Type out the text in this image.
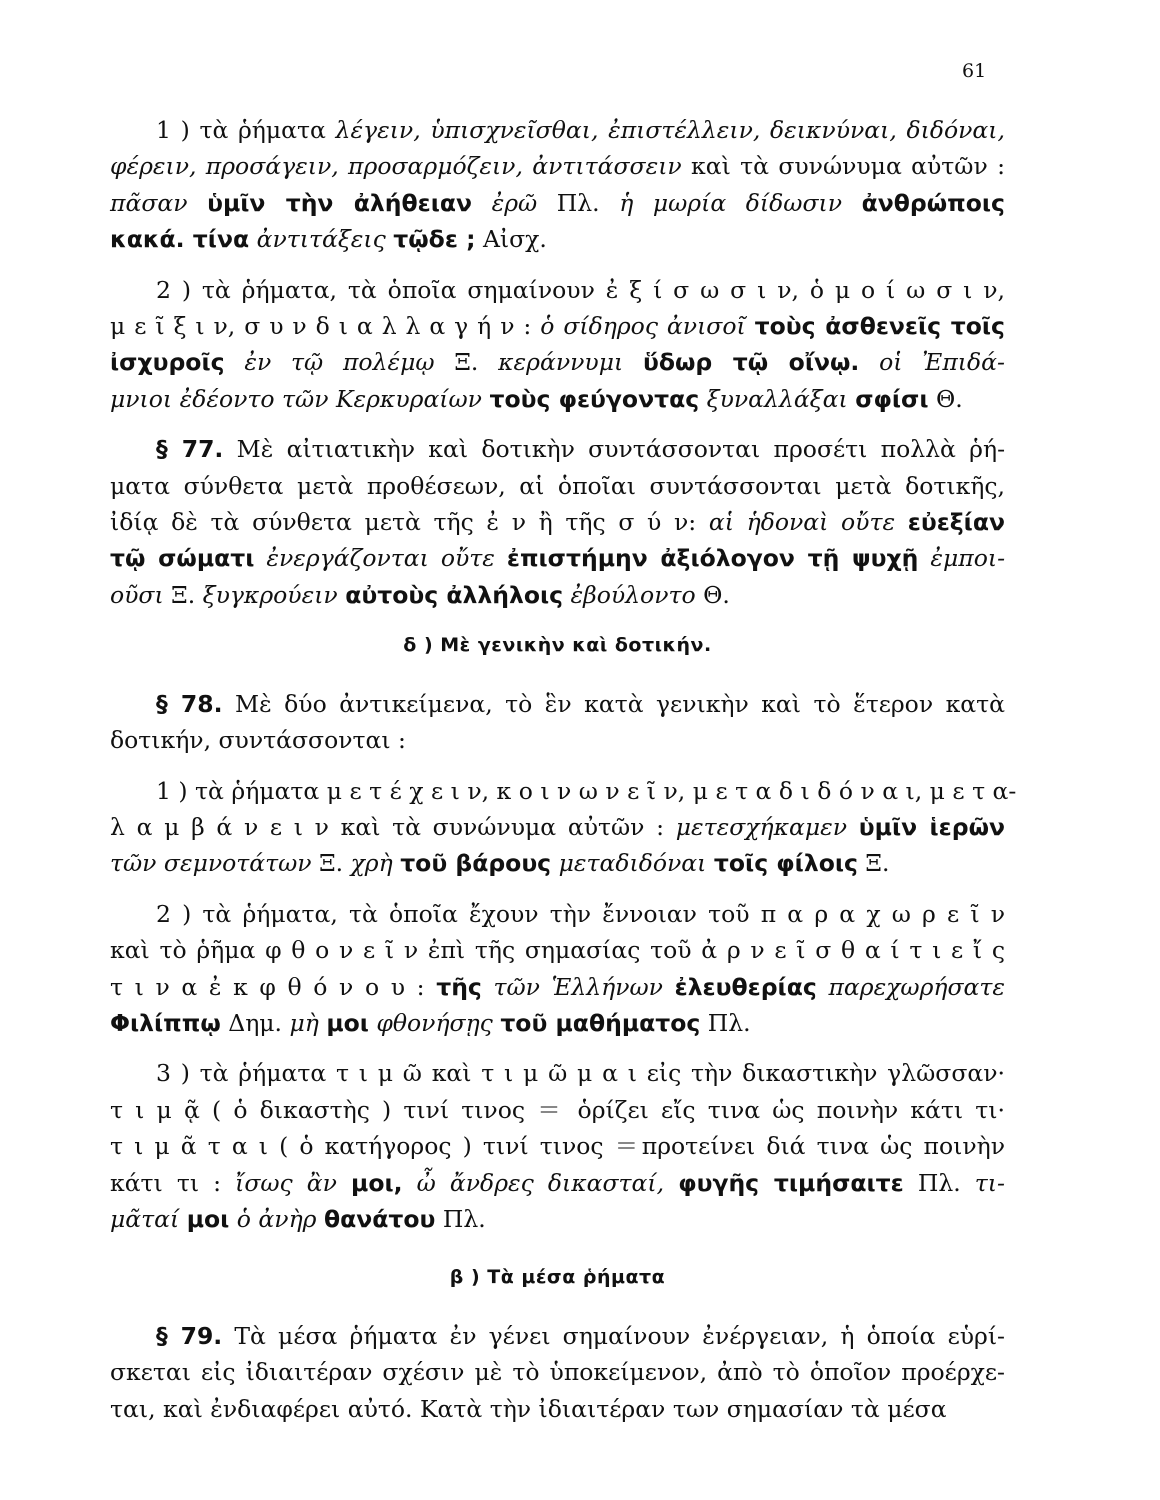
61
1 ) τὰ ῥήματα λέγειν, ὑπισχνεῖσθαι, ἐπιστέλλειν, δεικνύναι, διδόναι,
φέρειν, προσάγειν, προσαρμόζειν, ἀντιτάσσειν καὶ τὰ συνώνυμα αὐτῶν :
πᾶσαν ὑμῖν τὴν ἀλήθειαν ἐρῶ Πλ. ἡ μωρία δίδωσιν ἀνθρώποις
κακά. τίνα ἀντιτάξεις τῷδε ; Αἰσχ.
2 ) τὰ ῥήματα, τὰ ὁποῖα σημαίνουν ἐ ξ ί σ ω σ ι ν, ὁ μ ο ί ω σ ι ν,
μ ε ῖ ξ ι ν, σ υ ν δ ι α λ λ α γ ή ν : ὁ σίδηρος ἀνισοῖ τοὺς ἀσθενεῖς τοῖς
ἰσχυροῖς ἐν τῷ πολέμῳ Ξ. κεράννυμι ὕδωρ τῷ οἴνῳ. οἱ Ἐπιδά-
μνιοι ἐδέοντο τῶν Κερκυραίων τοὺς φεύγοντας ξυναλλάξαι σφίσι Θ.
§ 77. Μὲ αἰτιατικὴν καὶ δοτικὴν συντάσσονται προσέτι πολλὰ ῥή-
ματα σύνθετα μετὰ προθέσεων, αἱ ὁποῖαι συντάσσονται μετὰ δοτικῆς,
ἰδίᾳ δὲ τὰ σύνθετα μετὰ τῆς ἐ ν ἢ τῆς σ ύ ν: αἱ ἡδοναὶ οὔτε εὐεξίαν
τῷ σώματι ἐνεργάζονται οὔτε ἐπιστήμην ἀξιόλογον τῇ ψυχῇ ἐμποι-
οῦσι Ξ. ξυγκρούειν αὐτοὺς ἀλλήλοις ἐβούλοντο Θ.
δ ) Μὲ γενικὴν καὶ δοτικήν.
§ 78. Μὲ δύο ἀντικείμενα, τὸ ἓν κατὰ γενικὴν καὶ τὸ ἕτερον κατὰ
δοτικήν, συντάσσονται :
1 ) τὰ ῥήματα μ ε τ έ χ ε ι ν, κ ο ι ν ω ν ε ῖ ν, μ ε τ α δ ι δ ό ν α ι, μ ε τ α-
λ α μ β ά ν ε ι ν καὶ τὰ συνώνυμα αὐτῶν : μετεσχήκαμεν ὑμῖν ἱερῶν
τῶν σεμνοτάτων Ξ. χρὴ τοῦ βάρους μεταδιδόναι τοῖς φίλοις Ξ.
2 ) τὰ ῥήματα, τὰ ὁποῖα ἔχουν τὴν ἔννοιαν τοῦ π α ρ α χ ω ρ ε ῖ ν
καὶ τὸ ῥῆμα φ θ ο ν ε ῖ ν ἐπὶ τῆς σημασίας τοῦ ἀ ρ ν ε ῖ σ θ α ί τ ι ε ἴ ς
τ ι ν α ἐ κ φ θ ό ν ο υ : τῆς τῶν Ἑλλήνων ἐλευθερίας παρεχωρήσατε
Φιλίππῳ Δημ. μὴ μοι φθονήσῃς τοῦ μαθήματος Πλ.
3 ) τὰ ῥήματα τ ι μ ῶ καὶ τ ι μ ῶ μ α ι εἰς τὴν δικαστικὴν γλῶσσαν·
τ ι μ ᾷ ( ὁ δικαστὴς ) τινί τινος ＝ ὁρίζει εἴς τινα ὡς ποινὴν κάτι τι·
τ ι μ ᾶ τ α ι ( ὁ κατήγορος ) τινί τινος ＝προτείνει διά τινα ὡς ποινὴν
κάτι τι : ἴσως ἂν μοι, ὦ ἄνδρες δικασταί, φυγῆς τιμήσαιτε Πλ. τι-
μᾶταί μοι ὁ ἀνὴρ θανάτου Πλ.
β ) Τὰ μέσα ῥήματα
§ 79. Τὰ μέσα ῥήματα ἐν γένει σημαίνουν ἐνέργειαν, ἡ ὁποία εὑρί-
σκεται εἰς ἰδιαιτέραν σχέσιν μὲ τὸ ὑποκείμενον, ἀπὸ τὸ ὁποῖον προέρχε-
ται, καὶ ἐνδιαφέρει αὐτό. Κατὰ τὴν ἰδιαιτέραν των σημασίαν τὰ μέσα
